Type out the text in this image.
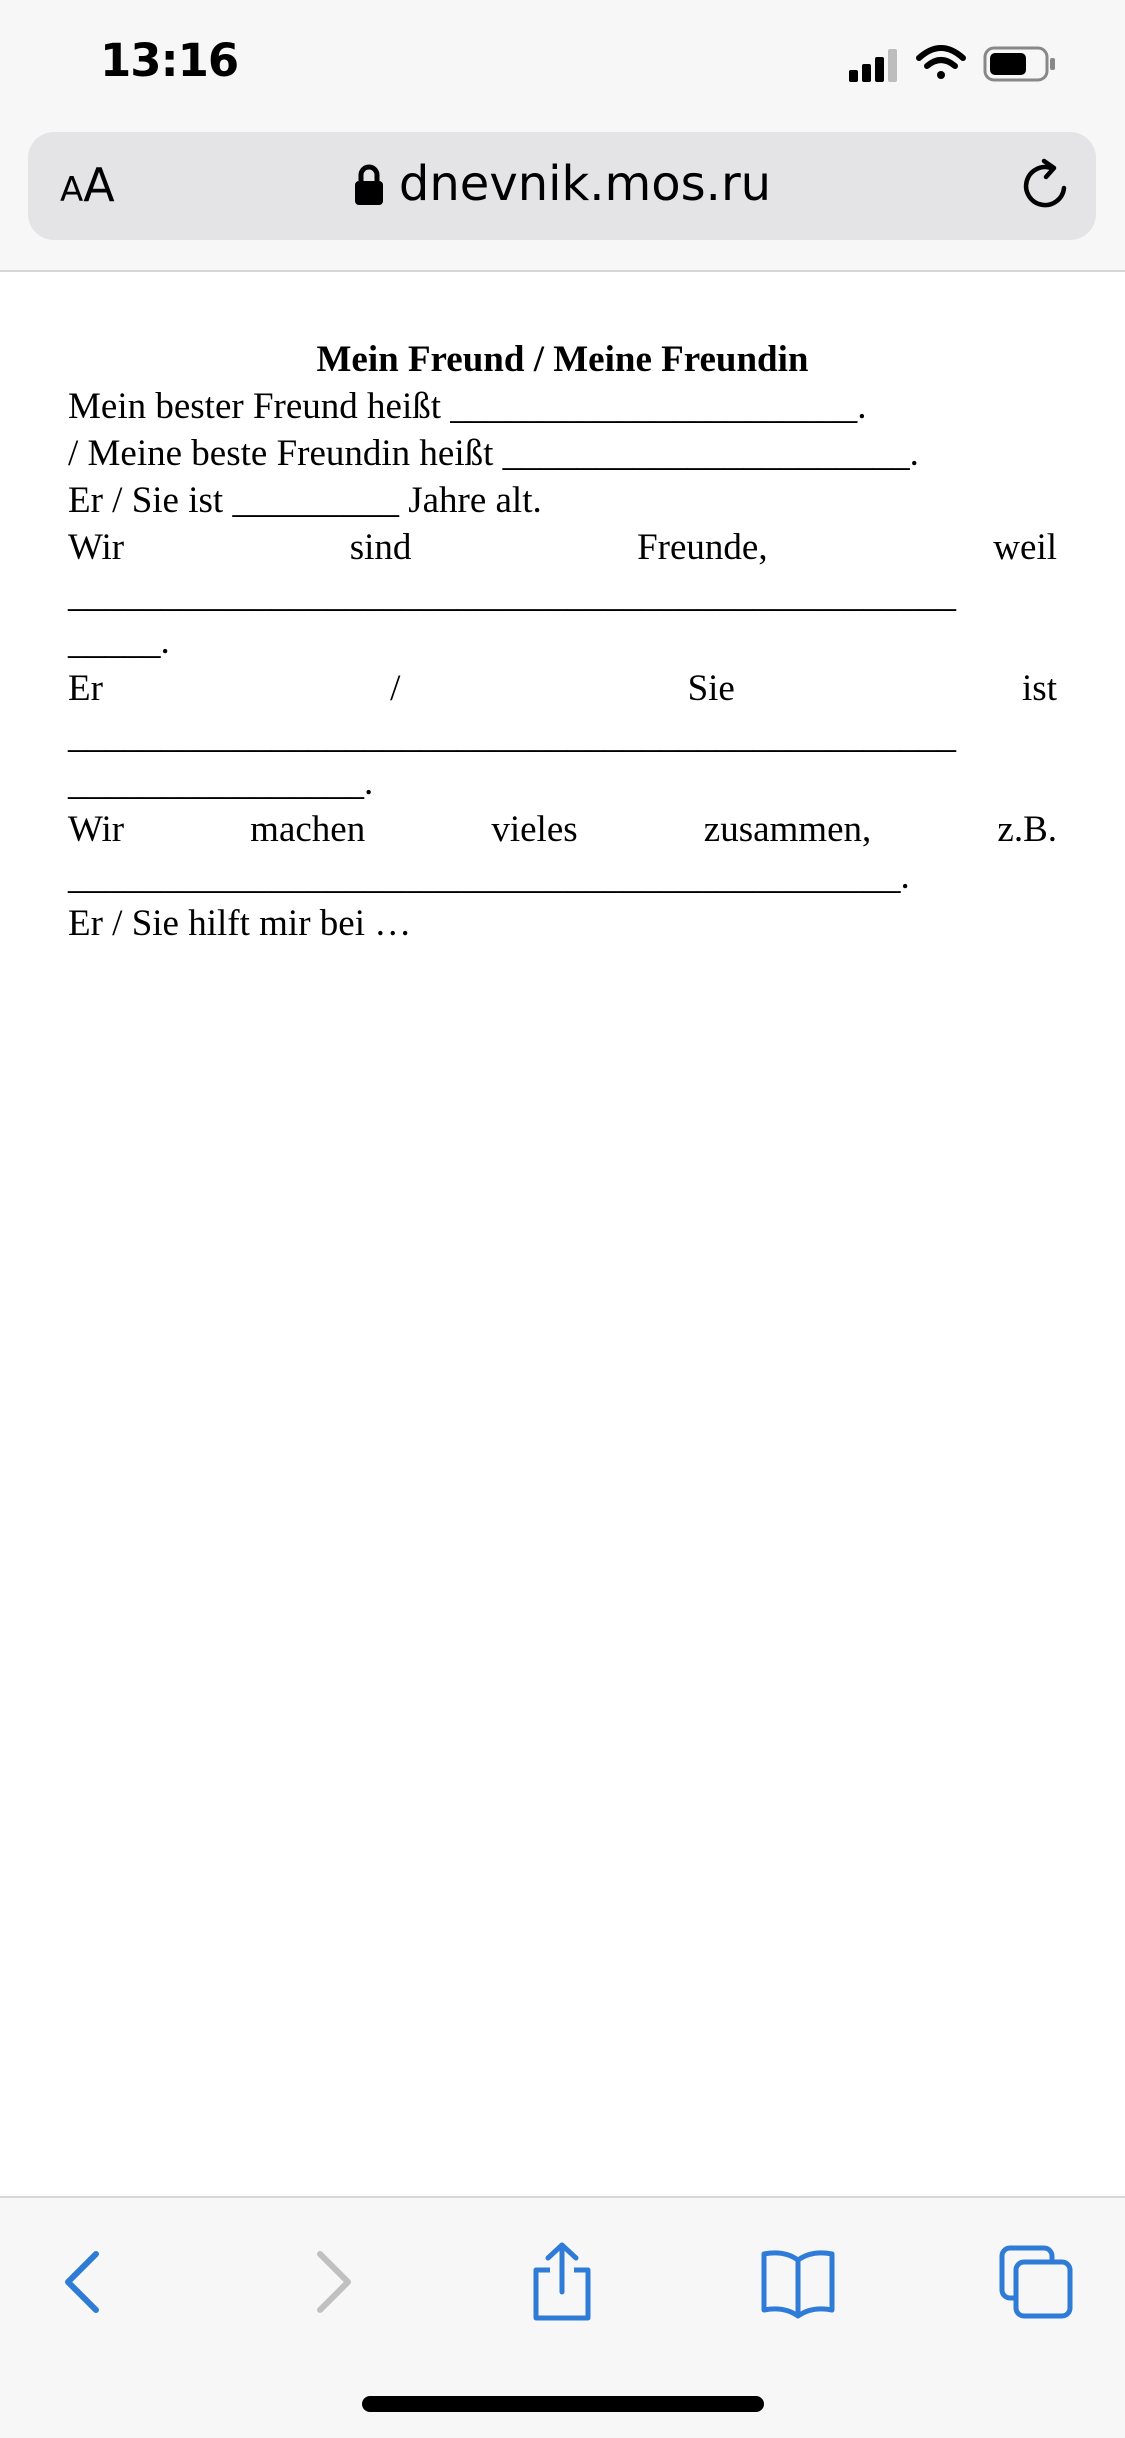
13:16
AA	dnevnik.mos.ru
Mein Freund / Meine Freundin
Mein bester Freund heißt ______________________.
/ Meine beste Freundin heißt ______________________.
Er / Sie ist _________ Jahre alt.
Wir	sind	Freunde,	weil
________________________________________________
_____.
Er	/	Sie	ist
________________________________________________
________________.
Wir	machen	vieles	zusammen,	z.B.
_____________________________________________.
Er / Sie hilft mir bei …
